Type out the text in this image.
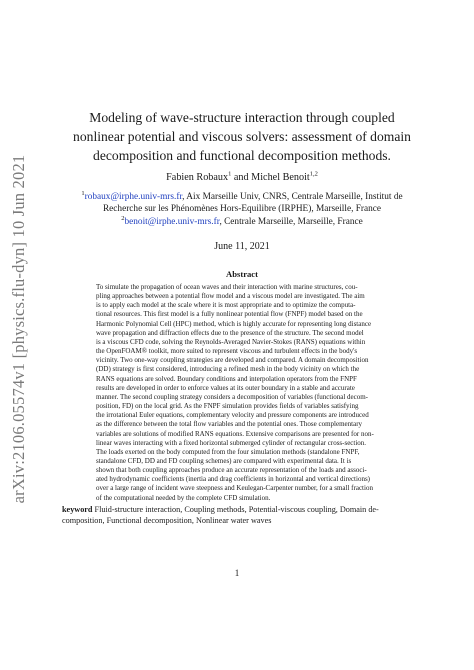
arXiv:2106.05574v1 [physics.flu-dyn] 10 Jun 2021
Modeling of wave-structure interaction through coupled
nonlinear potential and viscous solvers: assessment of domain
decomposition and functional decomposition methods.
Fabien Robaux$^1$ and Michel Benoit$^{1,2}$
$^1$robaux@irphe.univ-mrs.fr, Aix Marseille Univ, CNRS, Centrale Marseille, Institut de
Recherche sur les Phénomènes Hors-Equilibre (IRPHE), Marseille, France
$^2$benoit@irphe.univ-mrs.fr, Centrale Marseille, Marseille, France
June 11, 2021
Abstract
To simulate the propagation of ocean waves and their interaction with marine structures, cou-
pling approaches between a potential flow model and a viscous model are investigated. The aim
is to apply each model at the scale where it is most appropriate and to optimize the computa-
tional resources. This first model is a fully nonlinear potential flow (FNPF) model based on the
Harmonic Polynomial Cell (HPC) method, which is highly accurate for representing long distance
wave propagation and diffraction effects due to the presence of the structure. The second model
is a viscous CFD code, solving the Reynolds-Averaged Navier-Stokes (RANS) equations within
the OpenFOAM® toolkit, more suited to represent viscous and turbulent effects in the body's
vicinity. Two one-way coupling strategies are developed and compared. A domain decomposition
(DD) strategy is first considered, introducing a refined mesh in the body vicinity on which the
RANS equations are solved. Boundary conditions and interpolation operators from the FNPF
results are developed in order to enforce values at its outer boundary in a stable and accurate
manner. The second coupling strategy considers a decomposition of variables (functional decom-
position, FD) on the local grid. As the FNPF simulation provides fields of variables satisfying
the irrotational Euler equations, complementary velocity and pressure components are introduced
as the difference between the total flow variables and the potential ones. Those complementary
variables are solutions of modified RANS equations. Extensive comparisons are presented for non-
linear waves interacting with a fixed horizontal submerged cylinder of rectangular cross-section.
The loads exerted on the body computed from the four simulation methods (standalone FNPF,
standalone CFD, DD and FD coupling schemes) are compared with experimental data. It is
shown that both coupling approaches produce an accurate representation of the loads and associ-
ated hydrodynamic coefficients (inertia and drag coefficients in horizontal and vertical directions)
over a large range of incident wave steepness and Keulegan-Carpenter number, for a small fraction
of the computational needed by the complete CFD simulation.
keyword Fluid-structure interaction, Coupling methods, Potential-viscous coupling, Domain de-
composition, Functional decomposition, Nonlinear water waves
1
